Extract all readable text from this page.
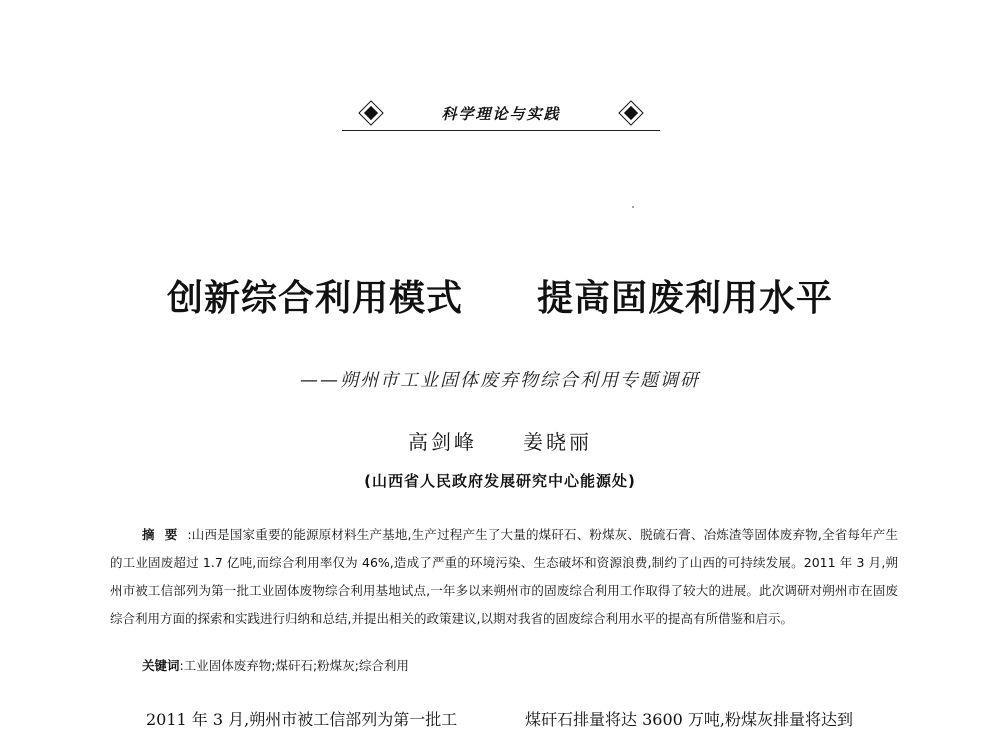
科学理论与实践
创新综合利用模式　　提高固废利用水平
——朔州市工业固体废弃物综合利用专题调研
高剑峰　　姜晓丽
(山西省人民政府发展研究中心能源处)
摘要:山西是国家重要的能源原材料生产基地,生产过程产生了大量的煤矸石、粉煤灰、脱硫石膏、冶炼渣等固体废弃物,全省每年产生的工业固废超过 1.7 亿吨,而综合利用率仅为 46%,造成了严重的环境污染、生态破坏和资源浪费,制约了山西的可持续发展。2011 年 3 月,朔州市被工信部列为第一批工业固体废物综合利用基地试点,一年多以来朔州市的固废综合利用工作取得了较大的进展。此次调研对朔州市在固废综合利用方面的探索和实践进行归纳和总结,并提出相关的政策建议,以期对我省的固废综合利用水平的提高有所借鉴和启示。
关键词:工业固体废弃物;煤矸石;粉煤灰;综合利用
2011 年 3 月,朔州市被工信部列为第一批工	煤矸石排量将达 3600 万吨,粉煤灰排量将达到
